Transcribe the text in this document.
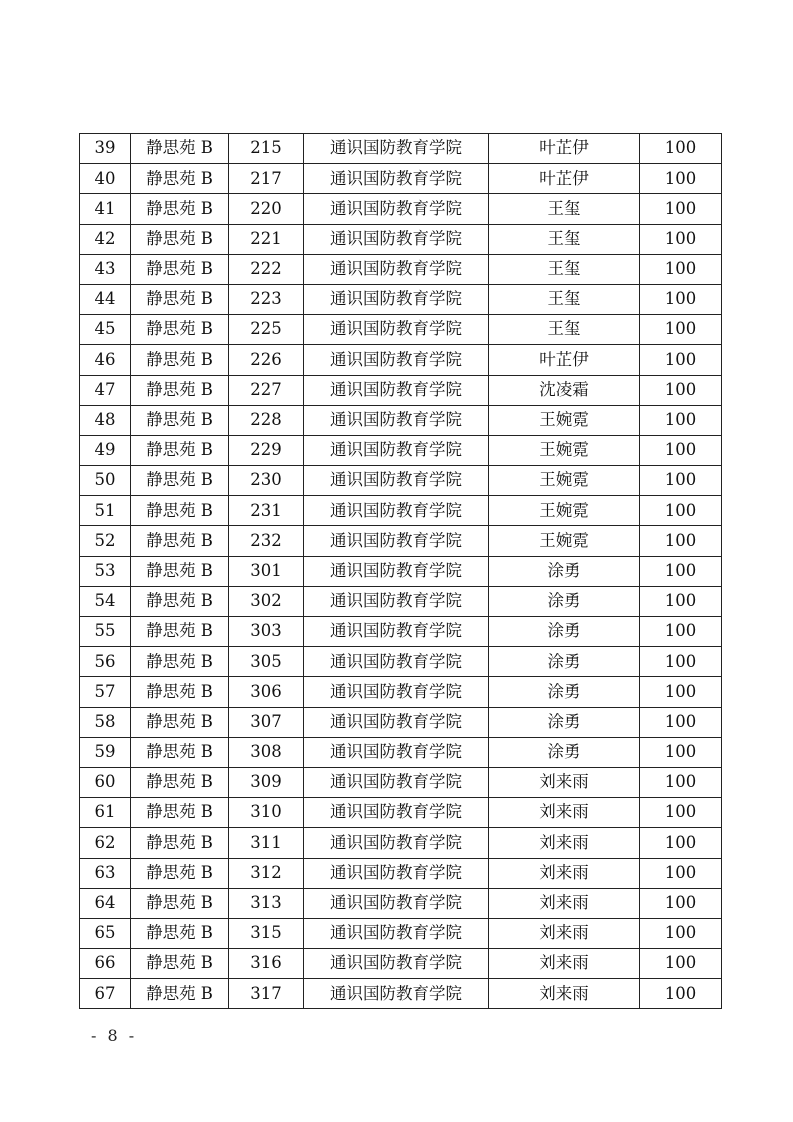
39	静思苑 B	215	通识国防教育学院	叶芷伊	100
40	静思苑 B	217	通识国防教育学院	叶芷伊	100
41	静思苑 B	220	通识国防教育学院	王玺	100
42	静思苑 B	221	通识国防教育学院	王玺	100
43	静思苑 B	222	通识国防教育学院	王玺	100
44	静思苑 B	223	通识国防教育学院	王玺	100
45	静思苑 B	225	通识国防教育学院	王玺	100
46	静思苑 B	226	通识国防教育学院	叶芷伊	100
47	静思苑 B	227	通识国防教育学院	沈凌霜	100
48	静思苑 B	228	通识国防教育学院	王婉霓	100
49	静思苑 B	229	通识国防教育学院	王婉霓	100
50	静思苑 B	230	通识国防教育学院	王婉霓	100
51	静思苑 B	231	通识国防教育学院	王婉霓	100
52	静思苑 B	232	通识国防教育学院	王婉霓	100
53	静思苑 B	301	通识国防教育学院	涂勇	100
54	静思苑 B	302	通识国防教育学院	涂勇	100
55	静思苑 B	303	通识国防教育学院	涂勇	100
56	静思苑 B	305	通识国防教育学院	涂勇	100
57	静思苑 B	306	通识国防教育学院	涂勇	100
58	静思苑 B	307	通识国防教育学院	涂勇	100
59	静思苑 B	308	通识国防教育学院	涂勇	100
60	静思苑 B	309	通识国防教育学院	刘来雨	100
61	静思苑 B	310	通识国防教育学院	刘来雨	100
62	静思苑 B	311	通识国防教育学院	刘来雨	100
63	静思苑 B	312	通识国防教育学院	刘来雨	100
64	静思苑 B	313	通识国防教育学院	刘来雨	100
65	静思苑 B	315	通识国防教育学院	刘来雨	100
66	静思苑 B	316	通识国防教育学院	刘来雨	100
67	静思苑 B	317	通识国防教育学院	刘来雨	100
- 8 -
